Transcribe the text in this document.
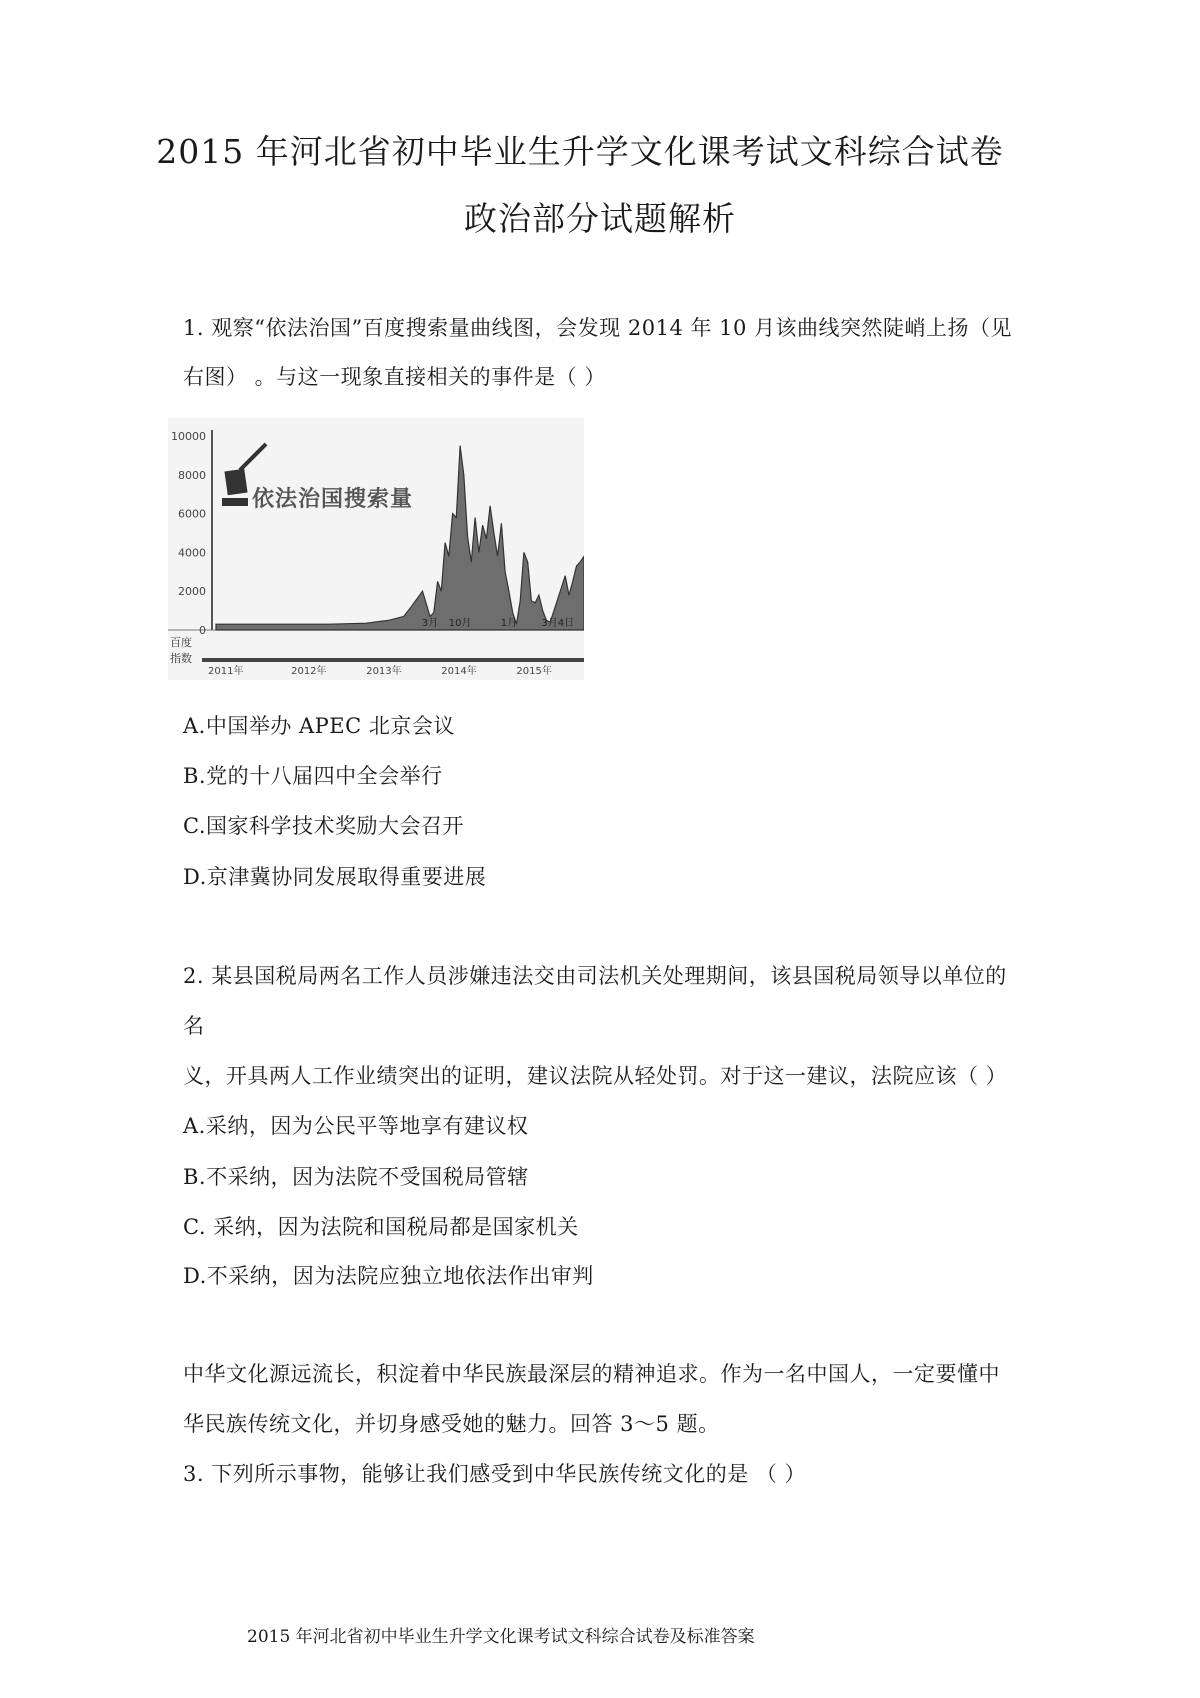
2015 年河北省初中毕业生升学文化课考试文科综合试卷
政治部分试题解析
1. 观察“依法治国”百度搜索量曲线图，会发现 2014 年 10 月该曲线突然陡峭上扬（见
右图） 。与这一现象直接相关的事件是（ ）
10000
8000
6000
4000
2000
0
依法治国搜索量
3月 10月	1月 3月4日
百度
指数
2011年	2012年	2013年	2014年	2015年
A.中国举办 APEC 北京会议
B.党的十八届四中全会举行
C.国家科学技术奖励大会召开
D.京津冀协同发展取得重要进展
2. 某县国税局两名工作人员涉嫌违法交由司法机关处理期间，该县国税局领导以单位的
名
义，开具两人工作业绩突出的证明，建议法院从轻处罚。对于这一建议，法院应该（ ）
A.采纳，因为公民平等地享有建议权
B.不采纳，因为法院不受国税局管辖
C. 采纳，因为法院和国税局都是国家机关
D.不采纳，因为法院应独立地依法作出审判
中华文化源远流长，积淀着中华民族最深层的精神追求。作为一名中国人，一定要懂中
华民族传统文化，并切身感受她的魅力。回答 3～5 题。
3. 下列所示事物，能够让我们感受到中华民族传统文化的是 （ ）
2015 年河北省初中毕业生升学文化课考试文科综合试卷及标准答案
